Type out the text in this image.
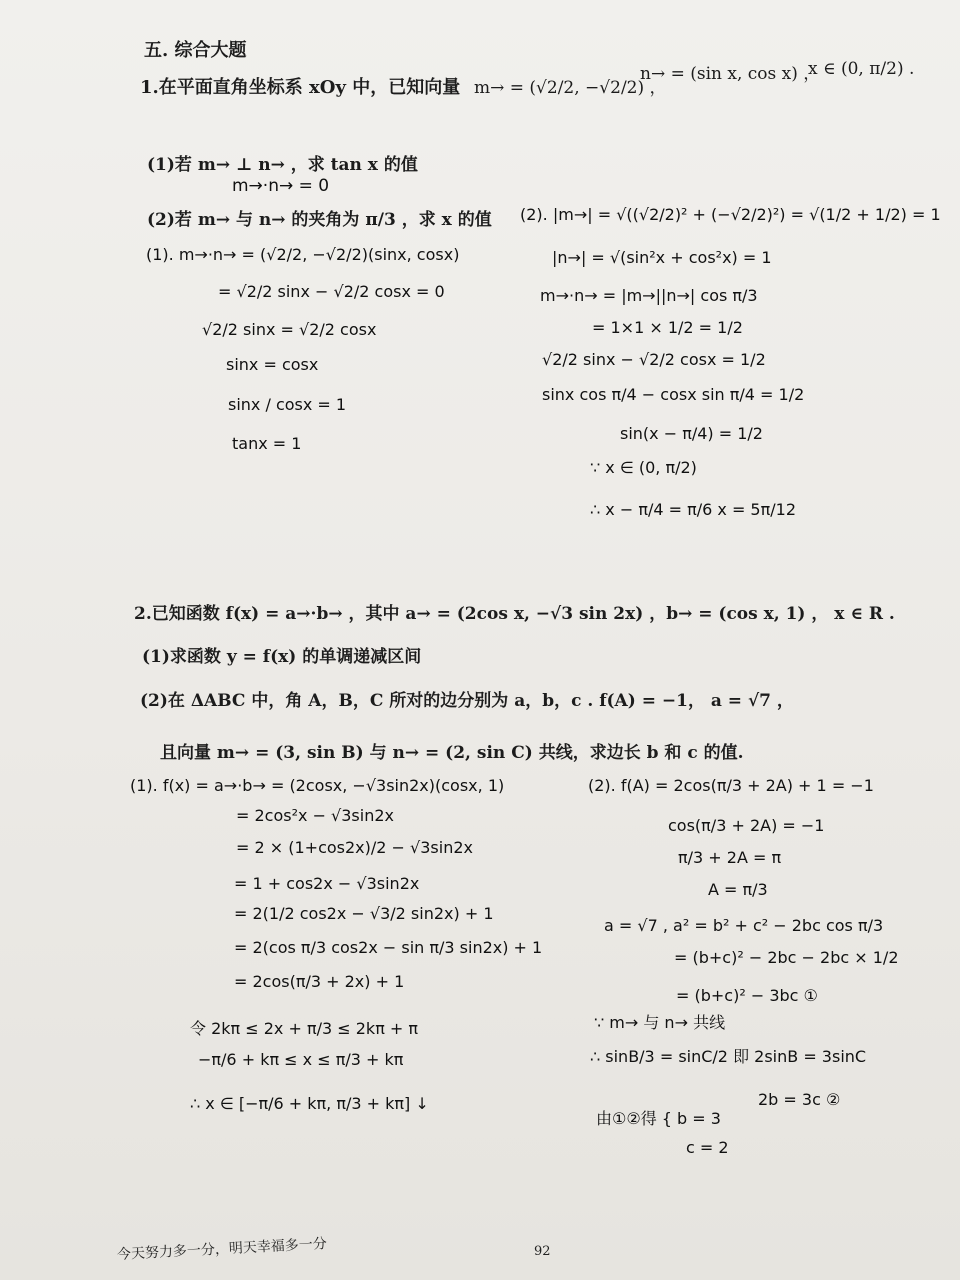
五. 综合大题
1.在平面直角坐标系 xOy 中，已知向量 m→ = (√2/2, −√2/2) ，
n→ = (sin x, cos x) ，
x ∈ (0, π/2) .
(1)若 m→ ⊥ n→ ，求 tan x 的值
m→·n→ = 0
(2)若 m→ 与 n→ 的夹角为 π/3 ，求 x 的值
(1). m→·n→ = (√2/2, −√2/2)(sinx, cosx)
= √2/2 sinx − √2/2 cosx = 0
√2/2 sinx = √2/2 cosx
sinx = cosx
sinx / cosx = 1
tanx = 1
(2). |m→| = √((√2/2)² + (−√2/2)²) = √(1/2 + 1/2) = 1
|n→| = √(sin²x + cos²x) = 1
m→·n→ = |m→||n→| cos π/3
= 1×1 × 1/2 = 1/2
√2/2 sinx − √2/2 cosx = 1/2
sinx cos π/4 − cosx sin π/4 = 1/2
sin(x − π/4) = 1/2
∵ x ∈ (0, π/2)
∴ x − π/4 = π/6 x = 5π/12
2.已知函数 f(x) = a→·b→ ，其中 a→ = (2cos x, −√3 sin 2x) ，b→ = (cos x, 1) ， x ∈ R .
(1)求函数 y = f(x) 的单调递减区间
(2)在 ΔABC 中，角 A，B，C 所对的边分别为 a，b，c . f(A) = −1， a = √7 ，
且向量 m→ = (3, sin B) 与 n→ = (2, sin C) 共线，求边长 b 和 c 的值.
(1). f(x) = a→·b→ = (2cosx, −√3sin2x)(cosx, 1)
= 2cos²x − √3sin2x
= 2 × (1+cos2x)/2 − √3sin2x
= 1 + cos2x − √3sin2x
= 2(1/2 cos2x − √3/2 sin2x) + 1
= 2(cos π/3 cos2x − sin π/3 sin2x) + 1
= 2cos(π/3 + 2x) + 1
令 2kπ ≤ 2x + π/3 ≤ 2kπ + π
−π/6 + kπ ≤ x ≤ π/3 + kπ
∴ x ∈ [−π/6 + kπ, π/3 + kπ] ↓
(2). f(A) = 2cos(π/3 + 2A) + 1 = −1
cos(π/3 + 2A) = −1
π/3 + 2A = π
A = π/3
a = √7 , a² = b² + c² − 2bc cos π/3
= (b+c)² − 2bc − 2bc × 1/2
= (b+c)² − 3bc ①
∵ m→ 与 n→ 共线
∴ sinB/3 = sinC/2 即 2sinB = 3sinC
2b = 3c ②
由①②得 { b = 3
c = 2
今天努力多一分，明天幸福多一分	92
